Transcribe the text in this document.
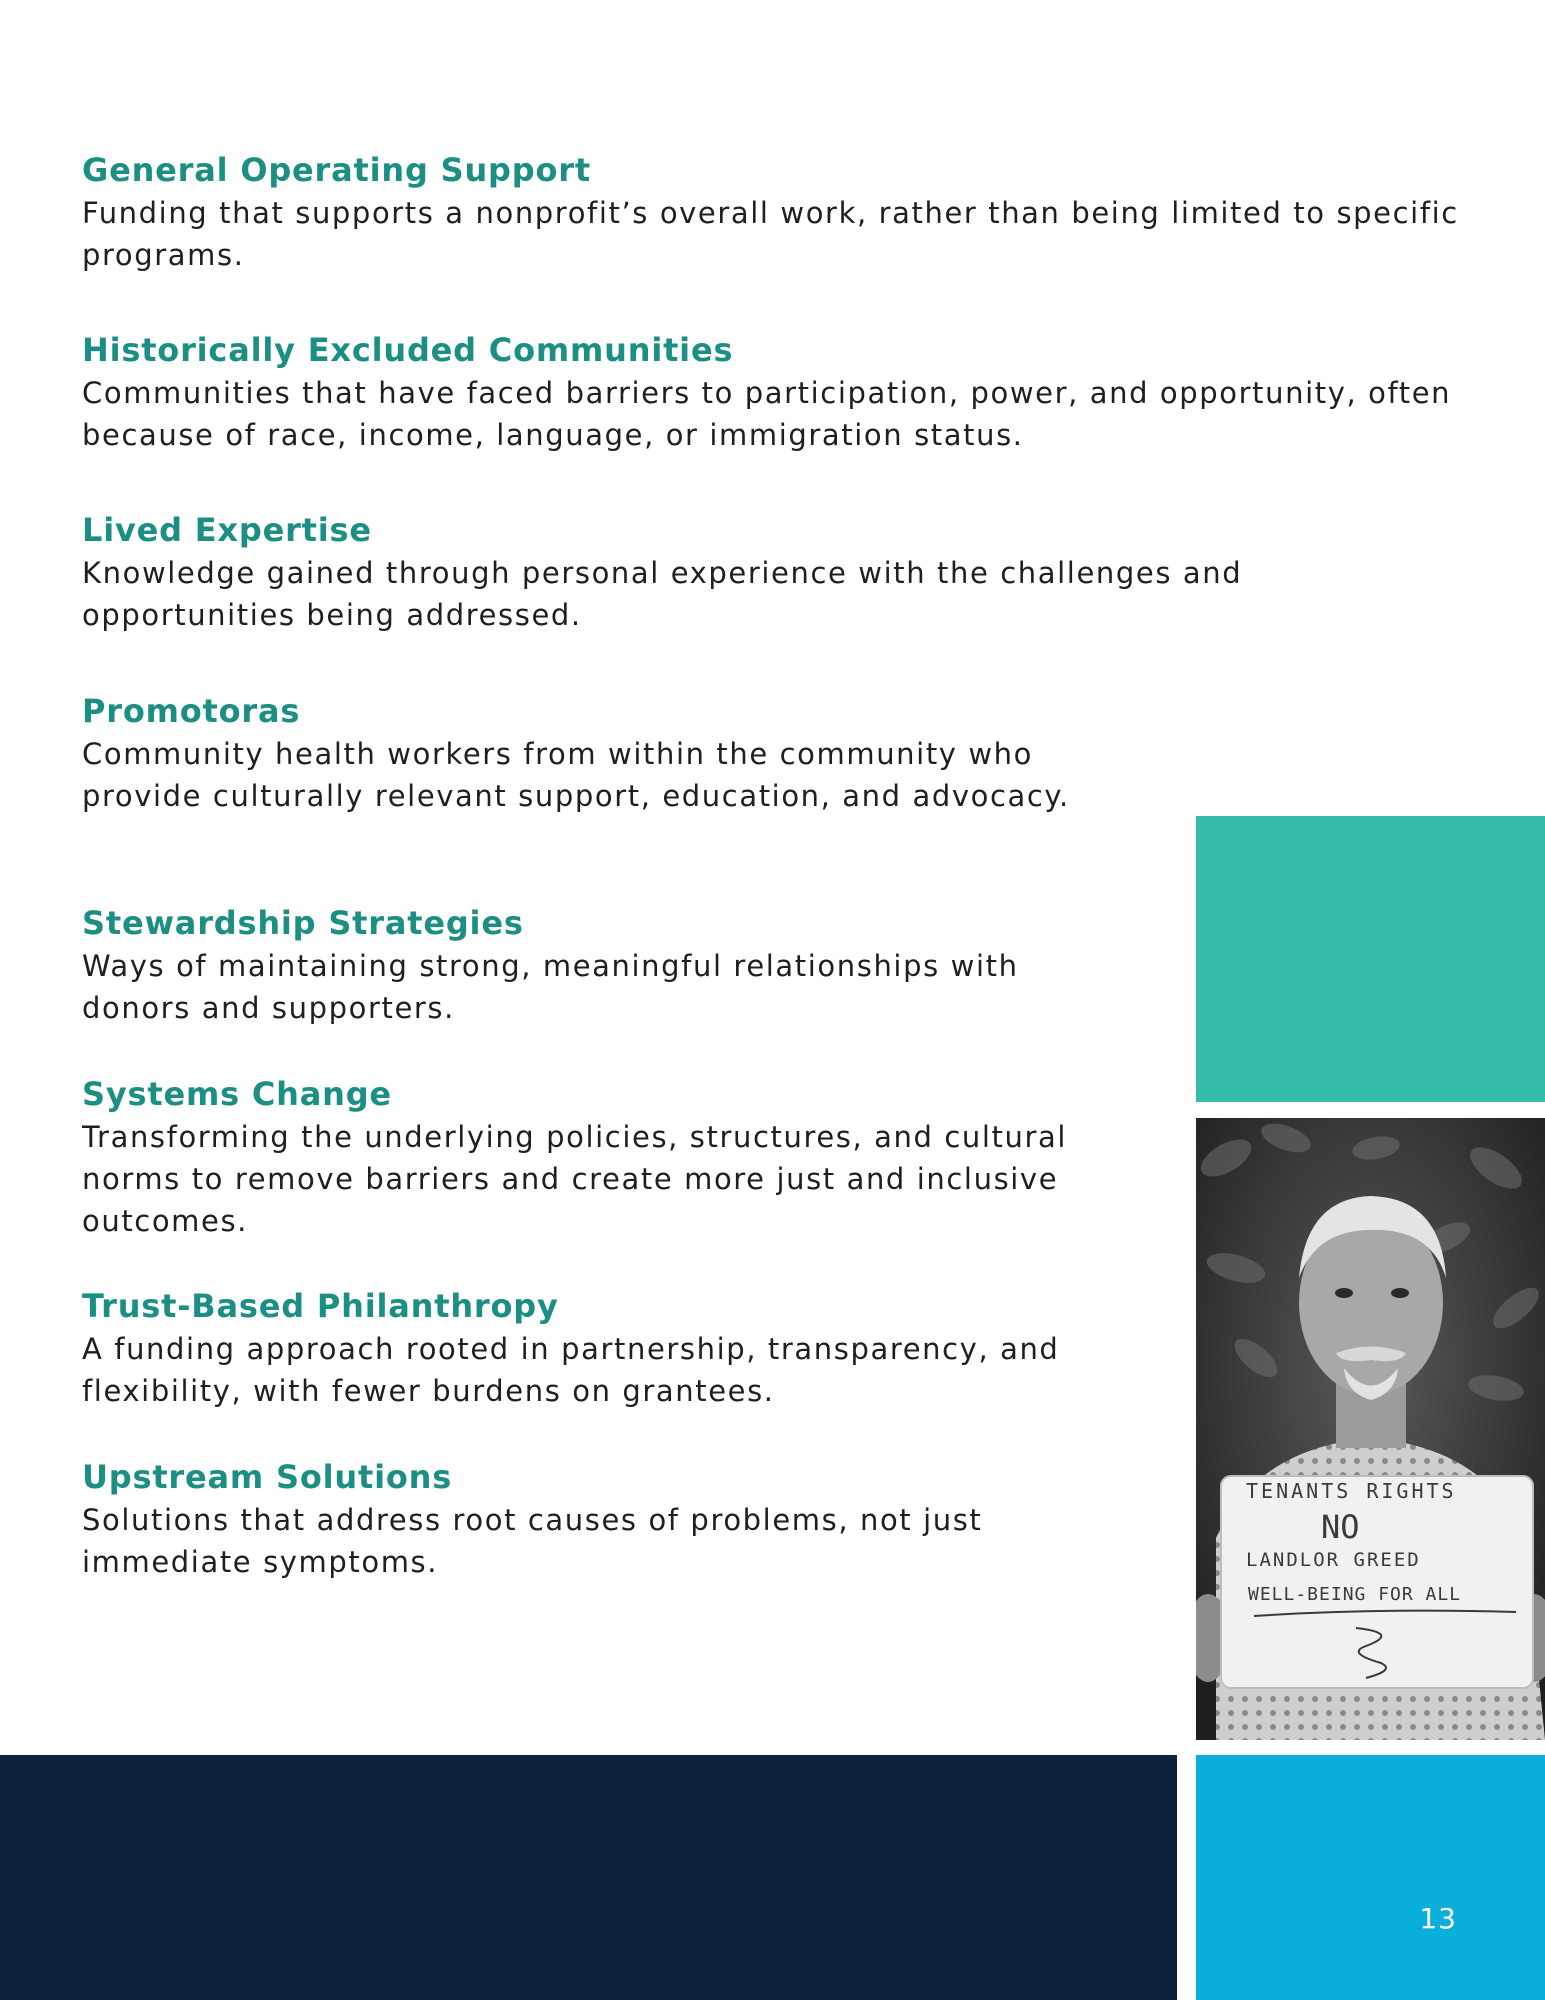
General Operating Support

Funding that supports a nonprofit’s overall work, rather than being limited to specific programs.

Historically Excluded Communities

Communities that have faced barriers to participation, power, and opportunity, often because of race, income, language, or immigration status.

Lived Expertise

Knowledge gained through personal experience with the challenges and opportunities being addressed.

Promotoras

Community health workers from within the community who provide culturally relevant support, education, and advocacy.

Stewardship Strategies

Ways of maintaining strong, meaningful relationships with donors and supporters.

Systems Change

Transforming the underlying policies, structures, and cultural norms to remove barriers and create more just and inclusive outcomes.

Trust-Based Philanthropy

A funding approach rooted in partnership, transparency, and flexibility, with fewer burdens on grantees.

Upstream Solutions

Solutions that address root causes of problems, not just immediate symptoms.

TENANTS RIGHTS
NO
LANDLOR GREED
WELL-BEING FOR ALL
13
